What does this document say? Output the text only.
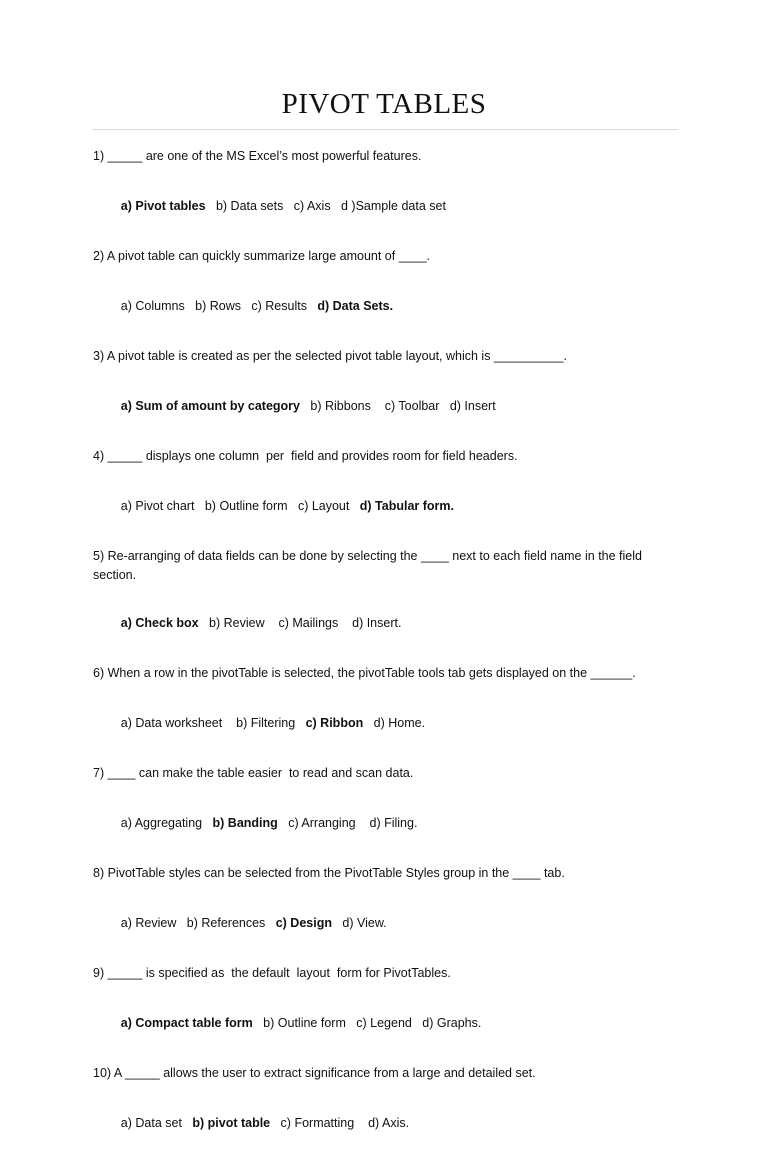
PIVOT TABLES

1) _____ are one of the MS Excel’s most powerful features.

a) Pivot tables   b) Data sets   c) Axis   d )Sample data set

2) A pivot table can quickly summarize large amount of ____.

a) Columns   b) Rows   c) Results   d) Data Sets.

3) A pivot table is created as per the selected pivot table layout, which is __________.

a) Sum of amount by category   b) Ribbons    c) Toolbar   d) Insert

4) _____ displays one column  per  field and provides room for field headers.

a) Pivot chart   b) Outline form   c) Layout   d) Tabular form.

5) Re-arranging of data fields can be done by selecting the ____ next to each field name in the field section.

a) Check box   b) Review    c) Mailings    d) Insert.

6) When a row in the pivotTable is selected, the pivotTable tools tab gets displayed on the ______.

a) Data worksheet    b) Filtering   c) Ribbon   d) Home.

7) ____ can make the table easier  to read and scan data.

a) Aggregating   b) Banding   c) Arranging    d) Filing.

8) PivotTable styles can be selected from the PivotTable Styles group in the ____ tab.

a) Review   b) References   c) Design   d) View.

9) _____ is specified as  the default  layout  form for PivotTables.

a) Compact table form   b) Outline form   c) Legend   d) Graphs.

10) A _____ allows the user to extract significance from a large and detailed set.

a) Data set   b) pivot table   c) Formatting    d) Axis.
